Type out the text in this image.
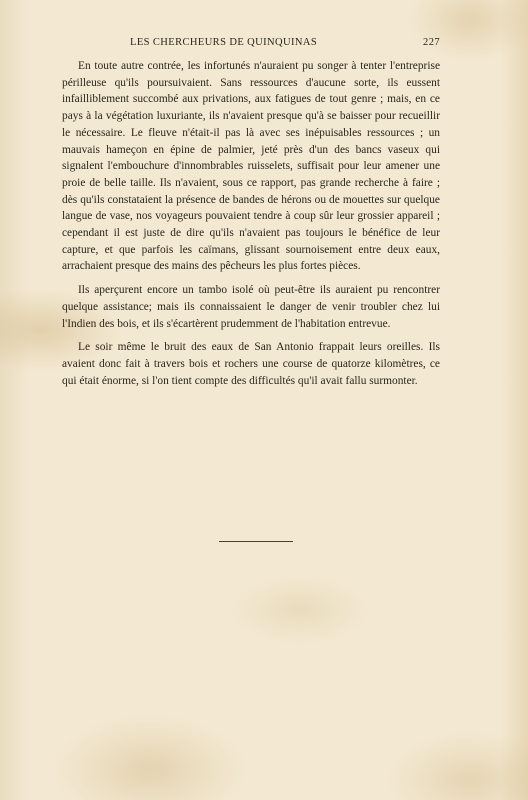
LES CHERCHEURS DE QUINQUINAS	227

En toute autre contrée, les infortunés n'auraient pu songer à tenter l'entreprise périlleuse qu'ils poursuivaient. Sans ressources d'aucune sorte, ils eussent infailliblement succombé aux privations, aux fatigues de tout genre ; mais, en ce pays à la végétation luxuriante, ils n'avaient presque qu'à se baisser pour recueillir le nécessaire. Le fleuve n'était-il pas là avec ses inépuisables ressources ; un mauvais hameçon en épine de palmier, jeté près d'un des bancs vaseux qui signalent l'embouchure d'innombrables ruisselets, suffisait pour leur amener une proie de belle taille. Ils n'avaient, sous ce rapport, pas grande recherche à faire ; dès qu'ils constataient la présence de bandes de hérons ou de mouettes sur quelque langue de vase, nos voyageurs pouvaient tendre à coup sûr leur grossier appareil ; cependant il est juste de dire qu'ils n'avaient pas toujours le bénéfice de leur capture, et que parfois les caïmans, glissant sournoisement entre deux eaux, arrachaient presque des mains des pêcheurs les plus fortes pièces.

Ils aperçurent encore un tambo isolé où peut-être ils auraient pu rencontrer quelque assistance; mais ils connaissaient le danger de venir troubler chez lui l'Indien des bois, et ils s'écartèrent prudemment de l'habitation entrevue.

Le soir même le bruit des eaux de San Antonio frappait leurs oreilles. Ils avaient donc fait à travers bois et rochers une course de quatorze kilomètres, ce qui était énorme, si l'on tient compte des difficultés qu'il avait fallu surmonter.
